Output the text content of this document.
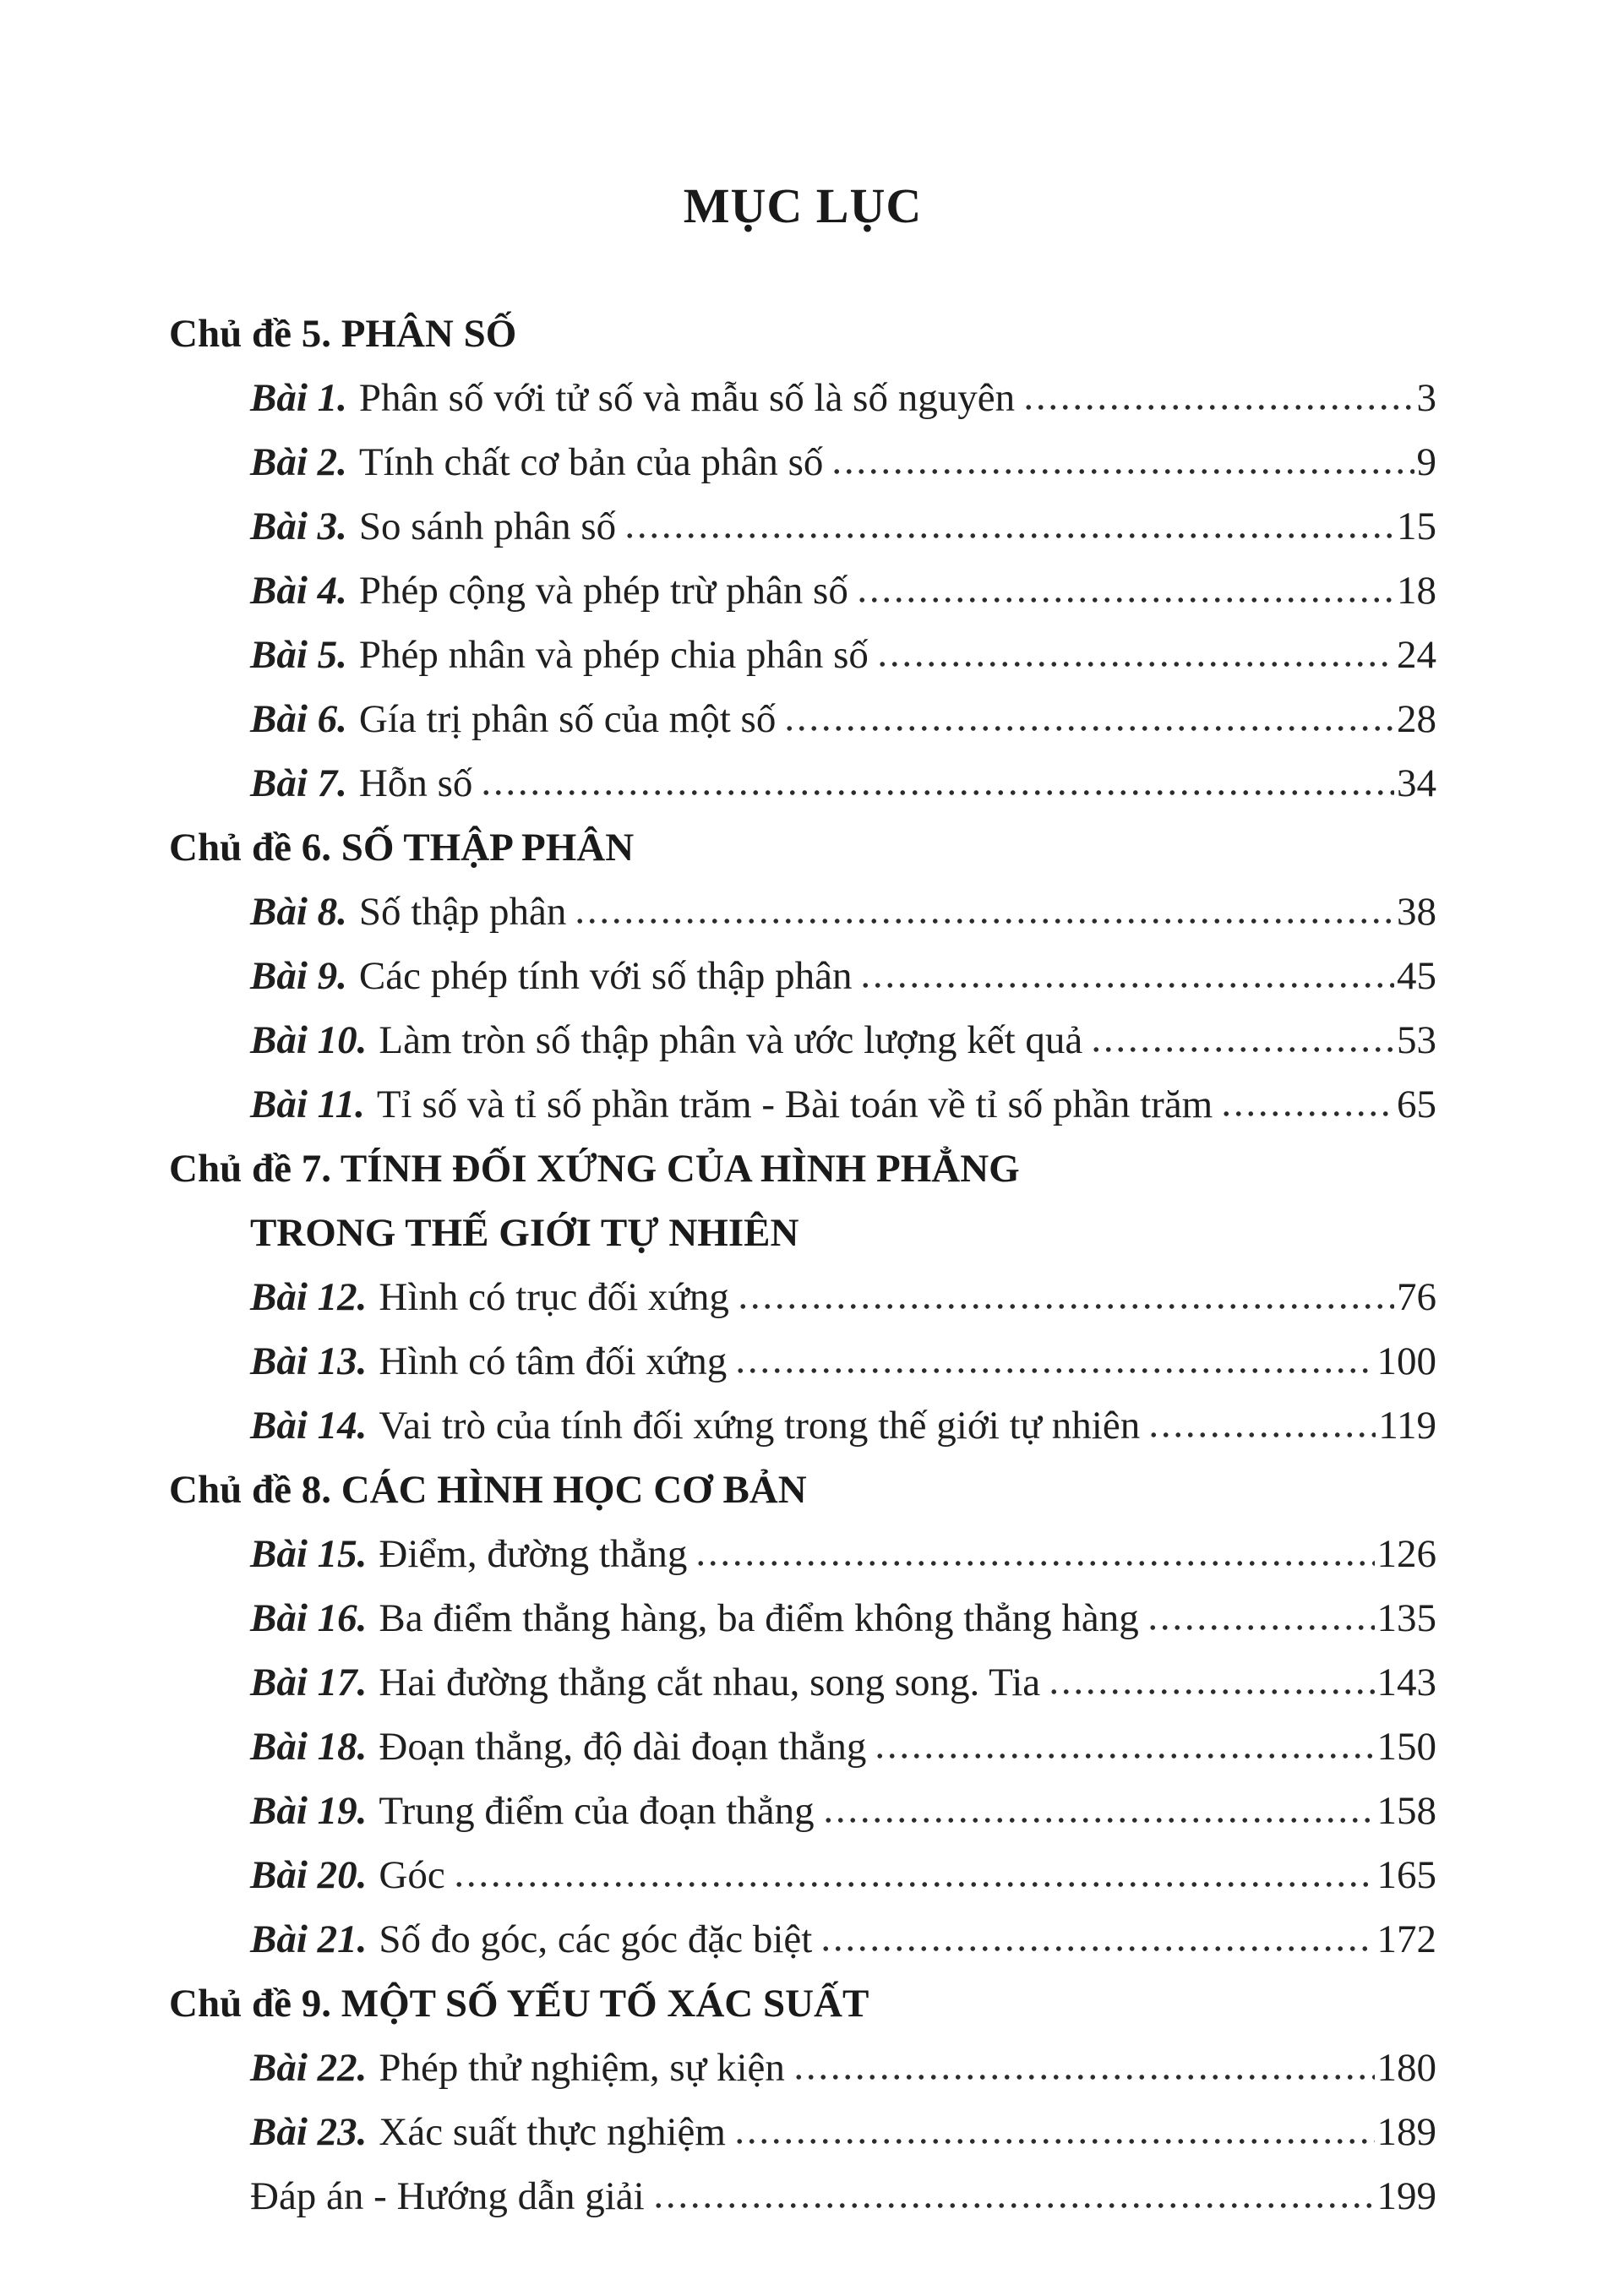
MỤC LỤC
Chủ đề 5. PHÂN SỐ
Bài 1. Phân số với tử số và mẫu số là số nguyên	3
Bài 2. Tính chất cơ bản của phân số	9
Bài 3. So sánh phân số	15
Bài 4. Phép cộng và phép trừ phân số	18
Bài 5. Phép nhân và phép chia phân số	24
Bài 6. Gía trị phân số của một số	28
Bài 7. Hỗn số	34
Chủ đề 6. SỐ THẬP PHÂN
Bài 8. Số thập phân	38
Bài 9. Các phép tính với số thập phân	45
Bài 10. Làm tròn số thập phân và ước lượng kết quả	53
Bài 11. Tỉ số và tỉ số phần trăm - Bài toán về tỉ số phần trăm	65
Chủ đề 7. TÍNH ĐỐI XỨNG CỦA HÌNH PHẲNG
TRONG THẾ GIỚI TỰ NHIÊN
Bài 12. Hình có trục đối xứng	76
Bài 13. Hình có tâm đối xứng	100
Bài 14. Vai trò của tính đối xứng trong thế giới tự nhiên	119
Chủ đề 8. CÁC HÌNH HỌC CƠ BẢN
Bài 15. Điểm, đường thẳng	126
Bài 16. Ba điểm thẳng hàng, ba điểm không thẳng hàng	135
Bài 17. Hai đường thẳng cắt nhau, song song. Tia	143
Bài 18. Đoạn thẳng, độ dài đoạn thẳng	150
Bài 19. Trung điểm của đoạn thẳng	158
Bài 20. Góc	165
Bài 21. Số đo góc, các góc đặc biệt	172
Chủ đề 9. MỘT SỐ YẾU TỐ XÁC SUẤT
Bài 22. Phép thử nghiệm, sự kiện	180
Bài 23. Xác suất thực nghiệm	189
Đáp án - Hướng dẫn giải	199
